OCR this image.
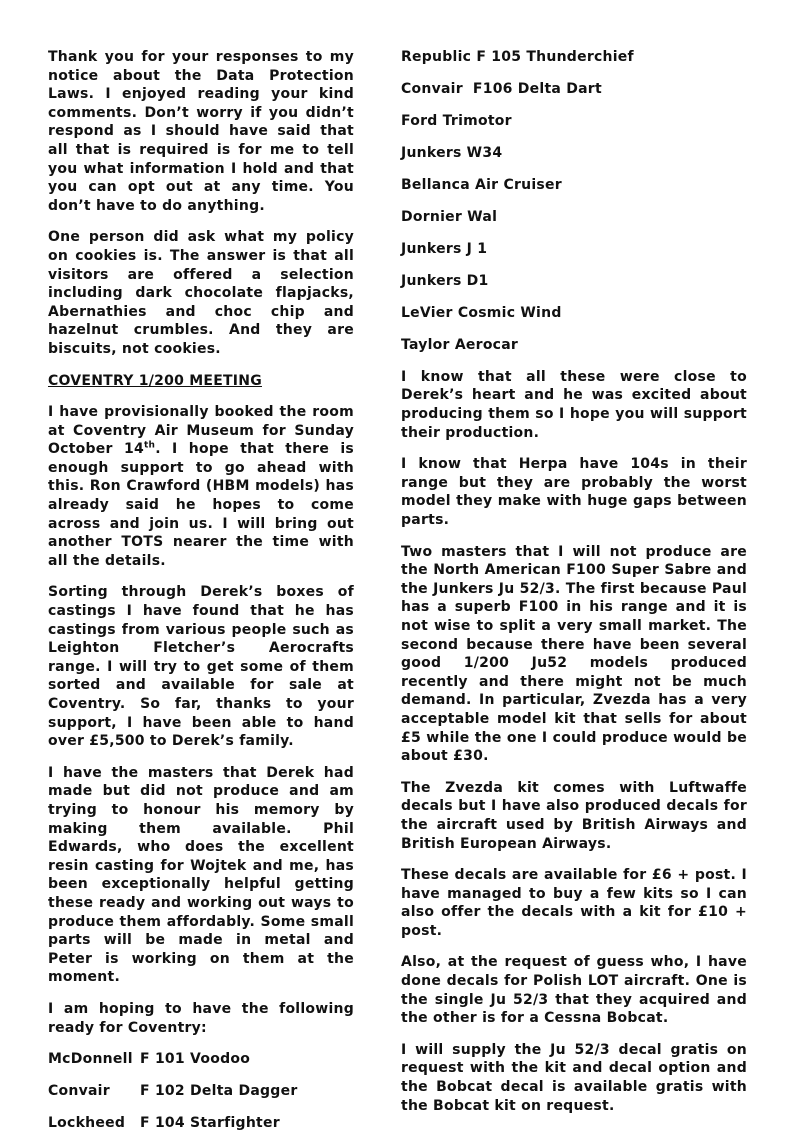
Thank you for your responses to my notice about the Data Protection Laws. I enjoyed reading your kind comments. Don’t worry if you didn’t respond as I should have said that all that is required is for me to tell you what information I hold and that you can opt out at any time. You don’t have to do anything.

One person did ask what my policy on cookies is. The answer is that all visitors are offered a selection including dark chocolate flapjacks, Abernathies and choc chip and hazelnut crumbles. And they are biscuits, not cookies.

COVENTRY 1/200 MEETING

I have provisionally booked the room at Coventry Air Museum for Sunday October 14th. I hope that there is enough support to go ahead with this. Ron Crawford (HBM models) has already said he hopes to come across and join us. I will bring out another TOTS nearer the time with all the details.

Sorting through Derek’s boxes of castings I have found that he has castings from various people such as Leighton Fletcher’s Aerocrafts range. I will try to get some of them sorted and available for sale at Coventry. So far, thanks to your support, I have been able to hand over £5,500 to Derek’s family.

I have the masters that Derek had made but did not produce and am trying to honour his memory by making them available. Phil Edwards, who does the excellent resin casting for Wojtek and me, has been exceptionally helpful getting these ready and working out ways to produce them affordably. Some small parts will be made in metal and Peter is working on them at the moment.

I am hoping to have the following ready for Coventry:

McDonnell F 101 Voodoo
Convair	F 102 Delta Dagger
Lockheed	F 104 Starfighter
Republic F 105 Thunderchief
Convair F106 Delta Dart
Ford Trimotor
Junkers W34
Bellanca Air Cruiser
Dornier Wal
Junkers J 1
Junkers D1
LeVier Cosmic Wind
Taylor Aerocar

I know that all these were close to Derek’s heart and he was excited about producing them so I hope you will support their production.

I know that Herpa have 104s in their range but they are probably the worst model they make with huge gaps between parts.

Two masters that I will not produce are the North American F100 Super Sabre and the Junkers Ju 52/3. The first because Paul has a superb F100 in his range and it is not wise to split a very small market. The second because there have been several good 1/200 Ju52 models produced recently and there might not be much demand. In particular, Zvezda has a very acceptable model kit that sells for about £5 while the one I could produce would be about £30.

The Zvezda kit comes with Luftwaffe decals but I have also produced decals for the aircraft used by British Airways and British European Airways.

These decals are available for £6 + post. I have managed to buy a few kits so I can also offer the decals with a kit for £10 + post.

Also, at the request of guess who, I have done decals for Polish LOT aircraft. One is the single Ju 52/3 that they acquired and the other is for a Cessna Bobcat.

I will supply the Ju 52/3 decal gratis on request with the kit and decal option and the Bobcat decal is available gratis with the Bobcat kit on request.
